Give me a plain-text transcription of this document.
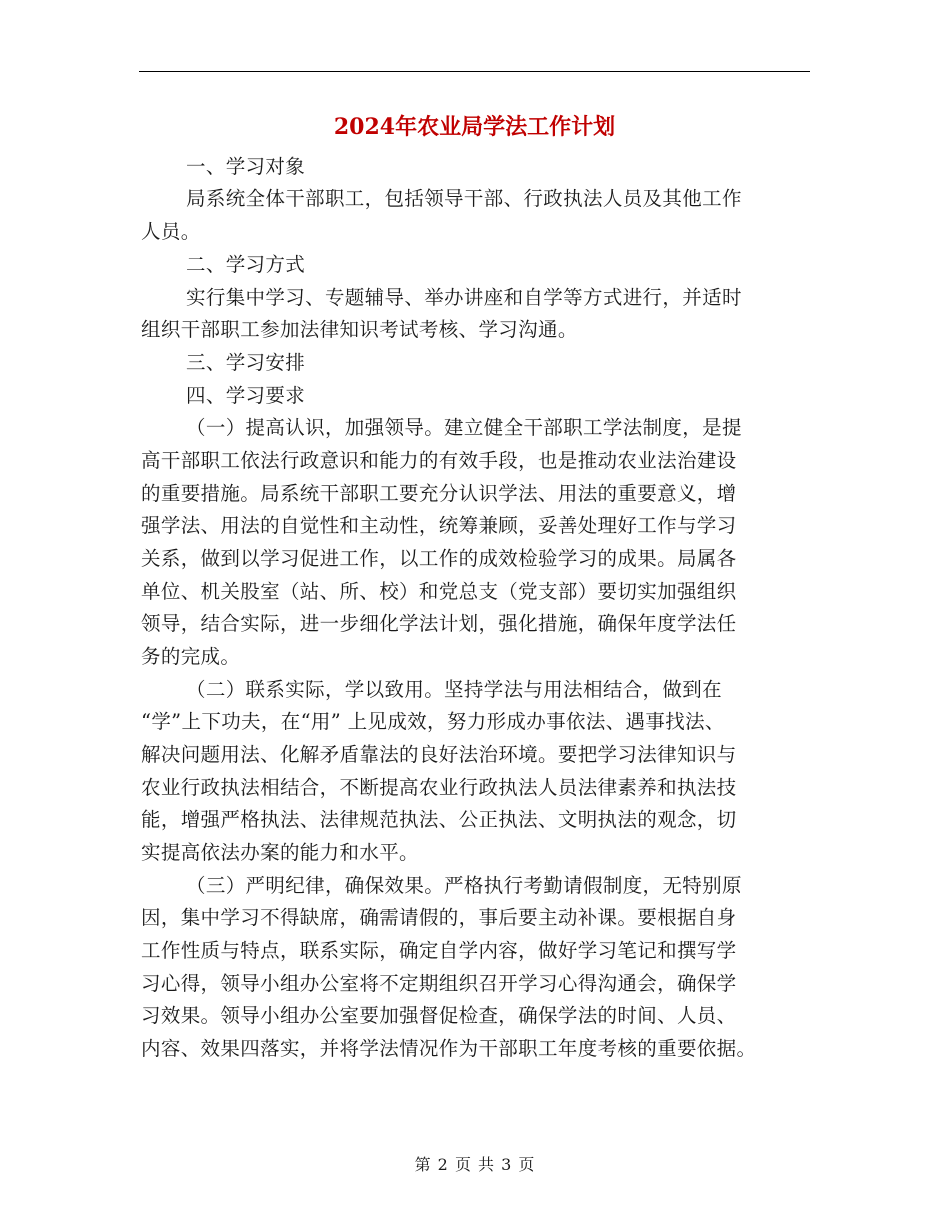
2024年农业局学法工作计划
一、学习对象
局系统全体干部职工，包括领导干部、行政执法人员及其他工作
人员。
二、学习方式
实行集中学习、专题辅导、举办讲座和自学等方式进行，并适时
组织干部职工参加法律知识考试考核、学习沟通。
三、学习安排
四、学习要求
（一）提高认识，加强领导。建立健全干部职工学法制度，是提
高干部职工依法行政意识和能力的有效手段，也是推动农业法治建设
的重要措施。局系统干部职工要充分认识学法、用法的重要意义，增
强学法、用法的自觉性和主动性，统筹兼顾，妥善处理好工作与学习
关系，做到以学习促进工作，以工作的成效检验学习的成果。局属各
单位、机关股室（站、所、校）和党总支（党支部）要切实加强组织
领导，结合实际，进一步细化学法计划，强化措施，确保年度学法任
务的完成。
（二）联系实际，学以致用。坚持学法与用法相结合，做到在
“学”上下功夫，在“用” 上见成效，努力形成办事依法、遇事找法、
解决问题用法、化解矛盾靠法的良好法治环境。要把学习法律知识与
农业行政执法相结合，不断提高农业行政执法人员法律素养和执法技
能，增强严格执法、法律规范执法、公正执法、文明执法的观念，切
实提高依法办案的能力和水平。
（三）严明纪律，确保效果。严格执行考勤请假制度，无特别原
因，集中学习不得缺席，确需请假的，事后要主动补课。要根据自身
工作性质与特点，联系实际，确定自学内容，做好学习笔记和撰写学
习心得，领导小组办公室将不定期组织召开学习心得沟通会，确保学
习效果。领导小组办公室要加强督促检查，确保学法的时间、人员、
内容、效果四落实，并将学法情况作为干部职工年度考核的重要依据。
第 2 页 共 3 页
